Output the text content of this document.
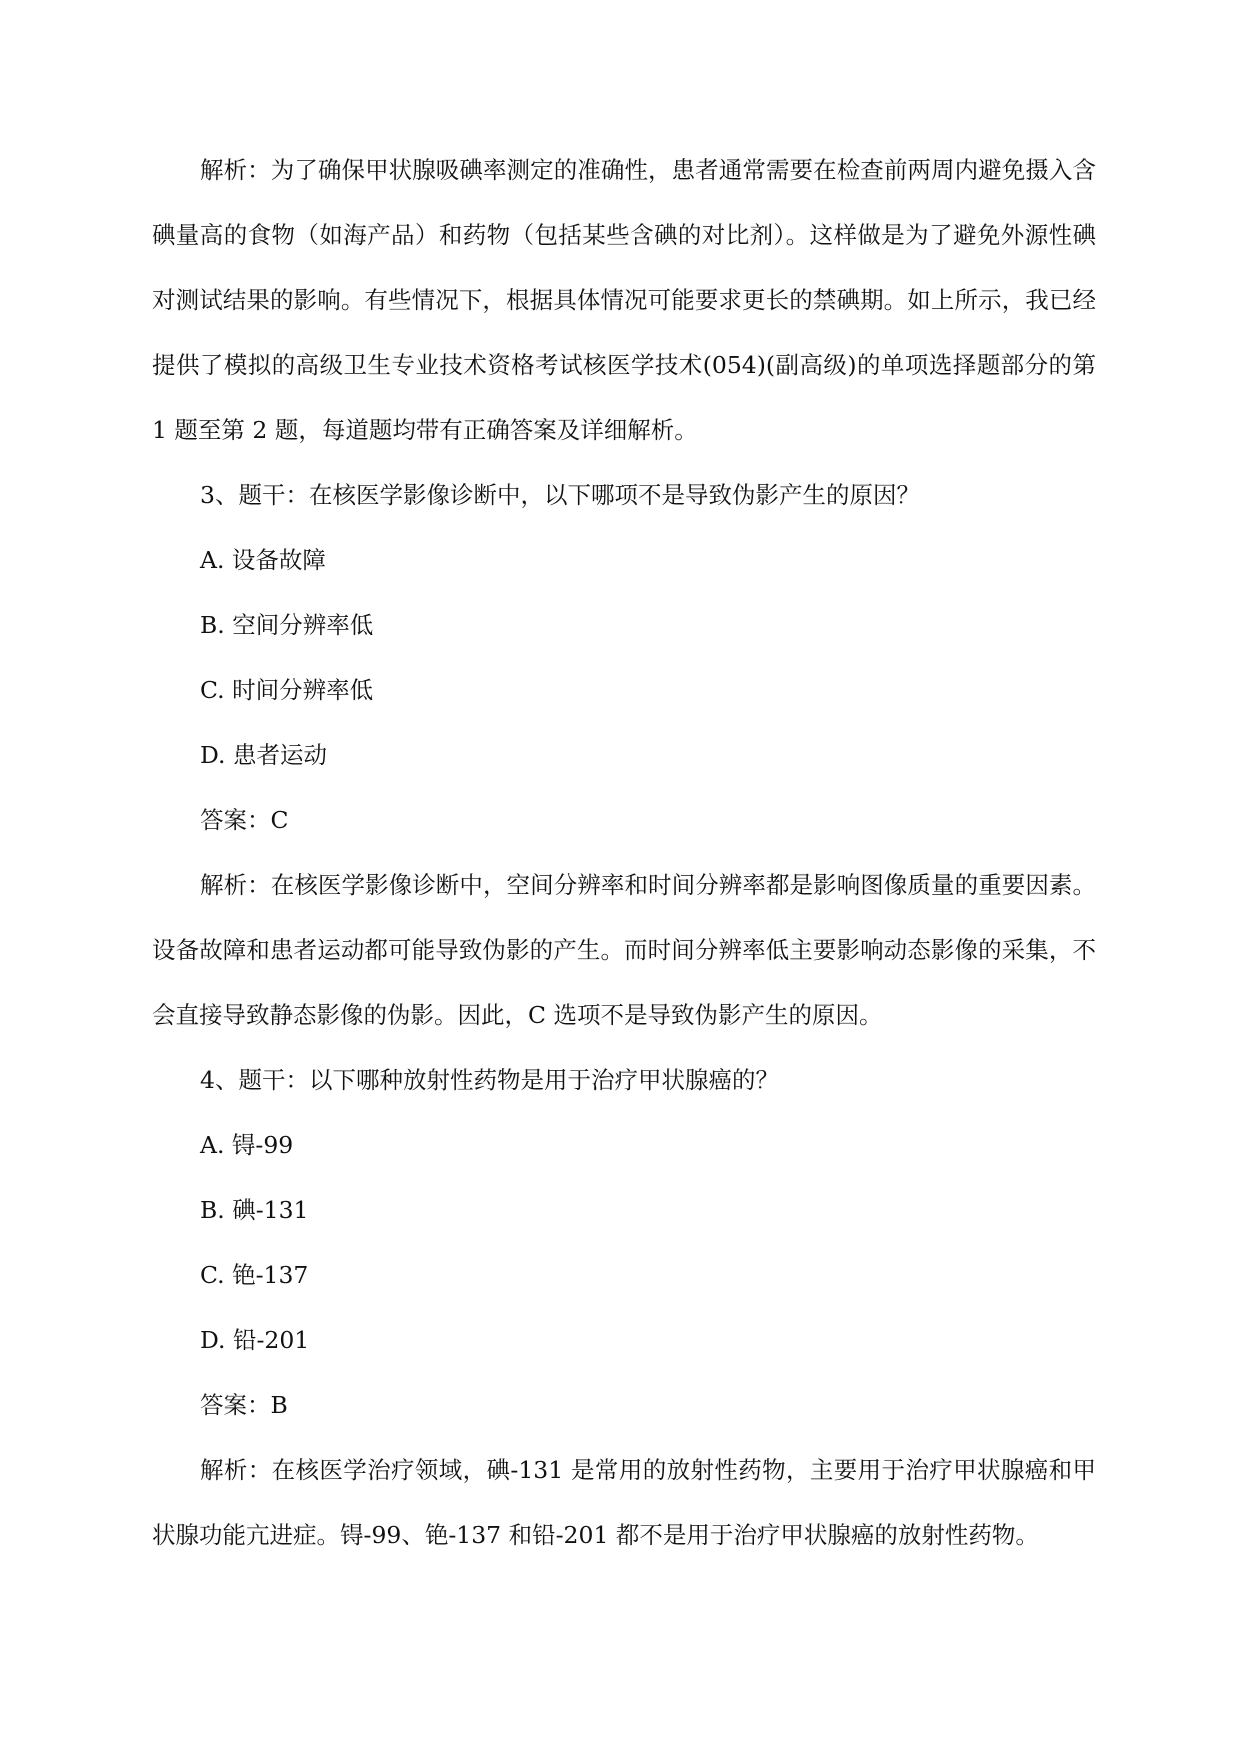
解析：为了确保甲状腺吸碘率测定的准确性，患者通常需要在检查前两周内避免摄入含碘量高的食物（如海产品）和药物（包括某些含碘的对比剂）。这样做是为了避免外源性碘对测试结果的影响。有些情况下，根据具体情况可能要求更长的禁碘期。如上所示，我已经提供了模拟的高级卫生专业技术资格考试核医学技术(054)(副高级)的单项选择题部分的第 1 题至第 2 题，每道题均带有正确答案及详细解析。

3、题干：在核医学影像诊断中，以下哪项不是导致伪影产生的原因？

A. 设备故障

B. 空间分辨率低

C. 时间分辨率低

D. 患者运动

答案：C

解析：在核医学影像诊断中，空间分辨率和时间分辨率都是影响图像质量的重要因素。设备故障和患者运动都可能导致伪影的产生。而时间分辨率低主要影响动态影像的采集，不会直接导致静态影像的伪影。因此，C 选项不是导致伪影产生的原因。

4、题干：以下哪种放射性药物是用于治疗甲状腺癌的？

A. 锝-99

B. 碘-131

C. 铯-137

D. 铅-201

答案：B

解析：在核医学治疗领域，碘-131 是常用的放射性药物，主要用于治疗甲状腺癌和甲状腺功能亢进症。锝-99、铯-137 和铅-201 都不是用于治疗甲状腺癌的放射性药物。
